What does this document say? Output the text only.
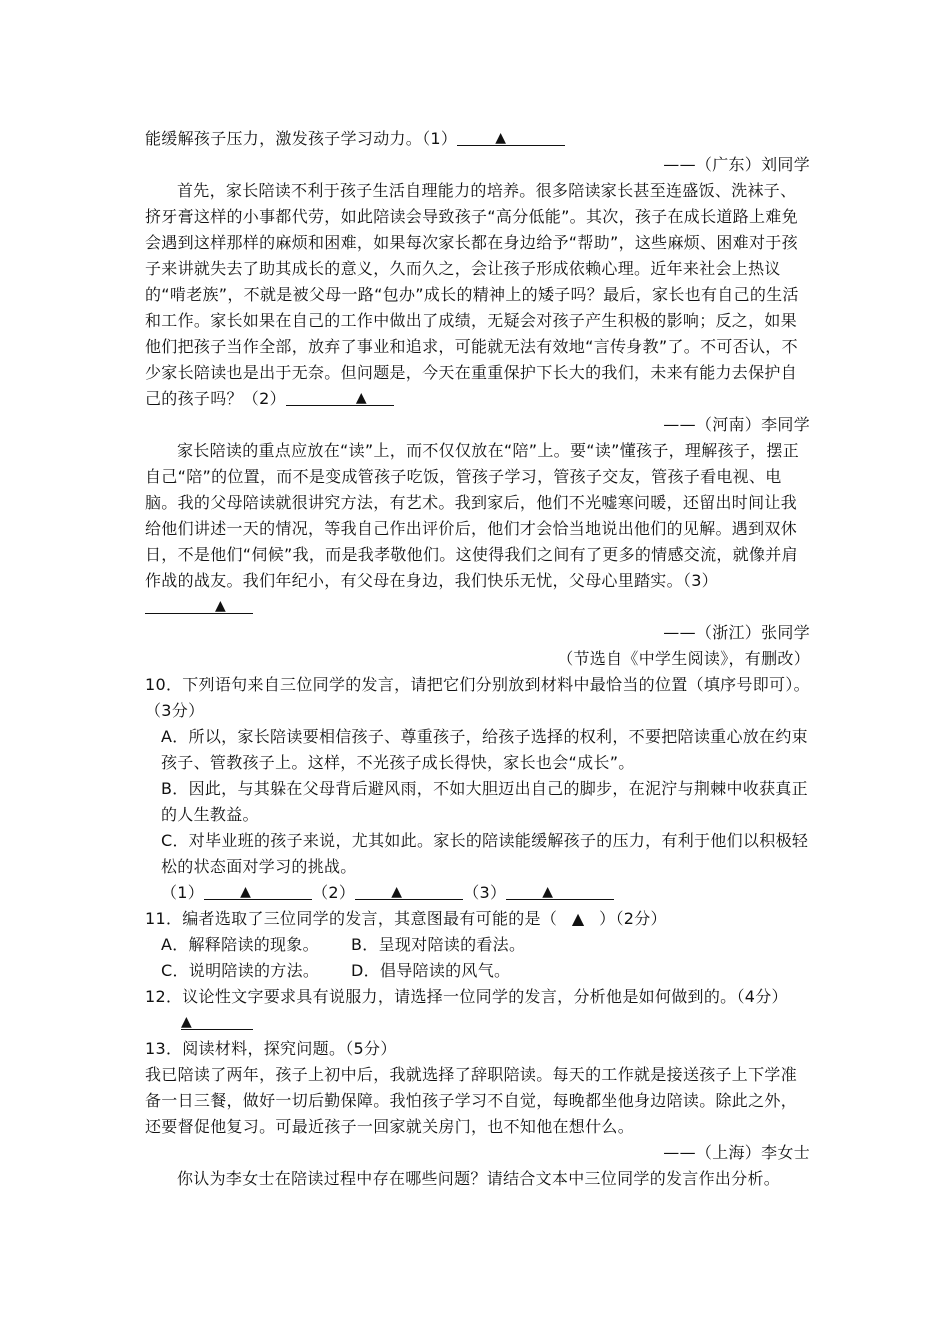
能缓解孩子压力，激发孩子学习动力。（1）	▲

——（广东）刘同学

首先，家长陪读不利于孩子生活自理能力的培养。很多陪读家长甚至连盛饭、洗袜子、挤牙膏这样的小事都代劳，如此陪读会导致孩子“高分低能”。其次，孩子在成长道路上难免会遇到这样那样的麻烦和困难，如果每次家长都在身边给予“帮助”，这些麻烦、困难对于孩子来讲就失去了助其成长的意义，久而久之，会让孩子形成依赖心理。近年来社会上热议的“啃老族”，不就是被父母一路“包办”成长的精神上的矮子吗？最后，家长也有自己的生活和工作。家长如果在自己的工作中做出了成绩，无疑会对孩子产生积极的影响；反之，如果他们把孩子当作全部，放弃了事业和追求，可能就无法有效地“言传身教”了。不可否认，不少家长陪读也是出于无奈。但问题是，今天在重重保护下长大的我们，未来有能力去保护自己的孩子吗？（2）	▲

——（河南）李同学

家长陪读的重点应放在“读”上，而不仅仅放在“陪”上。要“读”懂孩子，理解孩子，摆正自己“陪”的位置，而不是变成管孩子吃饭，管孩子学习，管孩子交友，管孩子看电视、电脑。我的父母陪读就很讲究方法，有艺术。我到家后，他们不光嘘寒问暖，还留出时间让我给他们讲述一天的情况，等我自己作出评价后，他们才会恰当地说出他们的见解。遇到双休日，不是他们“伺候”我，而是我孝敬他们。这使得我们之间有了更多的情感交流，就像并肩作战的战友。我们年纪小，有父母在身边，我们快乐无忧，父母心里踏实。（3）
▲

——（浙江）张同学

（节选自《中学生阅读》，有删改）

10．下列语句来自三位同学的发言，请把它们分别放到材料中最恰当的位置（填序号即可）。（3分）

A．所以，家长陪读要相信孩子、尊重孩子，给孩子选择的权利，不要把陪读重心放在约束孩子、管教孩子上。这样，不光孩子成长得快，家长也会“成长”。

B．因此，与其躲在父母背后避风雨，不如大胆迈出自己的脚步，在泥泞与荆棘中收获真正的人生教益。

C．对毕业班的孩子来说，尤其如此。家长的陪读能缓解孩子的压力，有利于他们以积极轻松的状态面对学习的挑战。

（1）	▲	（2）	▲	（3）	▲

11．编者选取了三位同学的发言，其意图最有可能的是（ ▲ ）（2分）

A．解释陪读的现象。 B．呈现对陪读的看法。

C．说明陪读的方法。 D．倡导陪读的风气。

12．议论性文字要求具有说服力，请选择一位同学的发言，分析他是如何做到的。（4分）

▲

13．阅读材料，探究问题。（5分）

我已陪读了两年，孩子上初中后，我就选择了辞职陪读。每天的工作就是接送孩子上下学准备一日三餐，做好一切后勤保障。我怕孩子学习不自觉，每晚都坐他身边陪读。除此之外，还要督促他复习。可最近孩子一回家就关房门，也不知他在想什么。

——（上海）李女士

你认为李女士在陪读过程中存在哪些问题？请结合文本中三位同学的发言作出分析。
